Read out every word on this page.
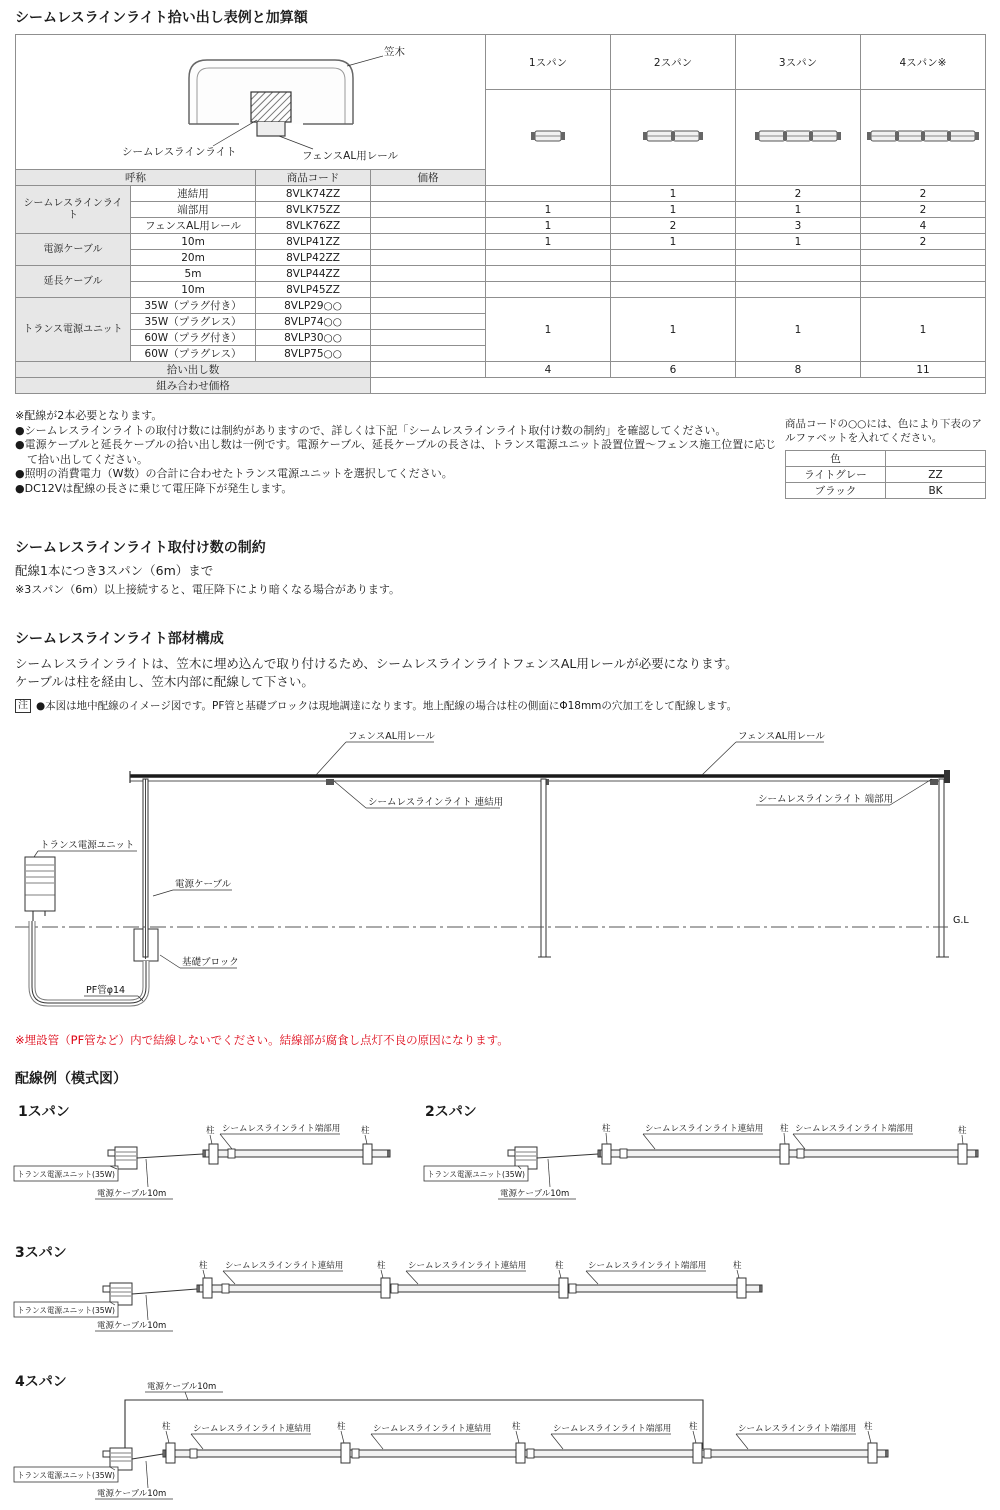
シームレスラインライト拾い出し表例と加算額
笠木
シームレスラインライト フェンスAL用レール				1スパン	2スパン	3スパン	4スパン※

呼称		商品コード	価格				
シームレスラインライト	連結用	8VLK74ZZ			1	2	2
	端部用	8VLK75ZZ		1	1	1	2
	フェンスAL用レール	8VLK76ZZ		1	2	3	4
電源ケーブル	10m	8VLP41ZZ		1	1	1	2
	20m	8VLP42ZZ					
延長ケーブル	5m	8VLP44ZZ					
	10m	8VLP45ZZ					
トランス電源ユニット	35W（プラグ付き）	8VLP29○○		1	1	1	1
	35W（プラグレス）	8VLP74○○					
	60W（プラグ付き）	8VLP30○○					
	60W（プラグレス）	8VLP75○○					
拾い出し数				4	6	8	11
組み合わせ価格							
※配線が2本必要となります。
●シームレスラインライトの取付け数には制約がありますので、詳しくは下記「シームレスラインライト取付け数の制約」を確認してください。
●電源ケーブルと延長ケーブルの拾い出し数は一例です。電源ケーブル、延長ケーブルの長さは、トランス電源ユニット設置位置～フェンス施工位置に応じて拾い出してください。
●照明の消費電力（W数）の合計に合わせたトランス電源ユニットを選択してください。
●DC12Vは配線の長さに乗じて電圧降下が発生します。
商品コードの○○には、色により下表のアルファベットを入れてください。
色	
ライトグレー	ZZ
ブラック	BK
シームレスラインライト取付け数の制約
配線1本につき3スパン（6m）まで
※3スパン（6m）以上接続すると、電圧降下により暗くなる場合があります。
シームレスラインライト部材構成
シームレスラインライトは、笠木に埋め込んで取り付けるため、シームレスラインライトフェンスAL用レールが必要になります。
ケーブルは柱を経由し、笠木内部に配線して下さい。
注 ●本図は地中配線のイメージ図です。PF管と基礎ブロックは現地調達になります。地上配線の場合は柱の側面にΦ18mmの穴加工をして配線します。
フェンスAL用レール	フェンスAL用レール
シームレスラインライト 連結用	シームレスラインライト 端部用
G.L
トランス電源ユニット
電源ケーブル
基礎ブロック
PF管φ14
※埋設管（PF管など）内で結線しないでください。結線部が腐食し点灯不良の原因になります。
配線例（模式図）
1スパン	2スパン
3スパン
4スパン
シームレスラインライト端部用
柱	柱
トランス電源ユニット(35W)
電源ケーブル10m
柱	シームレスラインライト連結用 柱 シームレスラインライト端部用	柱
トランス電源ユニット(35W)
電源ケーブル10m
柱 シームレスラインライト連結用	柱	シームレスラインライト連結用	柱	シームレスラインライト端部用	柱
トランス電源ユニット(35W)
電源ケーブル10m
電源ケーブル10m
柱	シームレスラインライト連結用	柱	シームレスラインライト連結用 柱	シームレスラインライト端部用 柱	シームレスラインライト端部用 柱
トランス電源ユニット(35W)
電源ケーブル10m
